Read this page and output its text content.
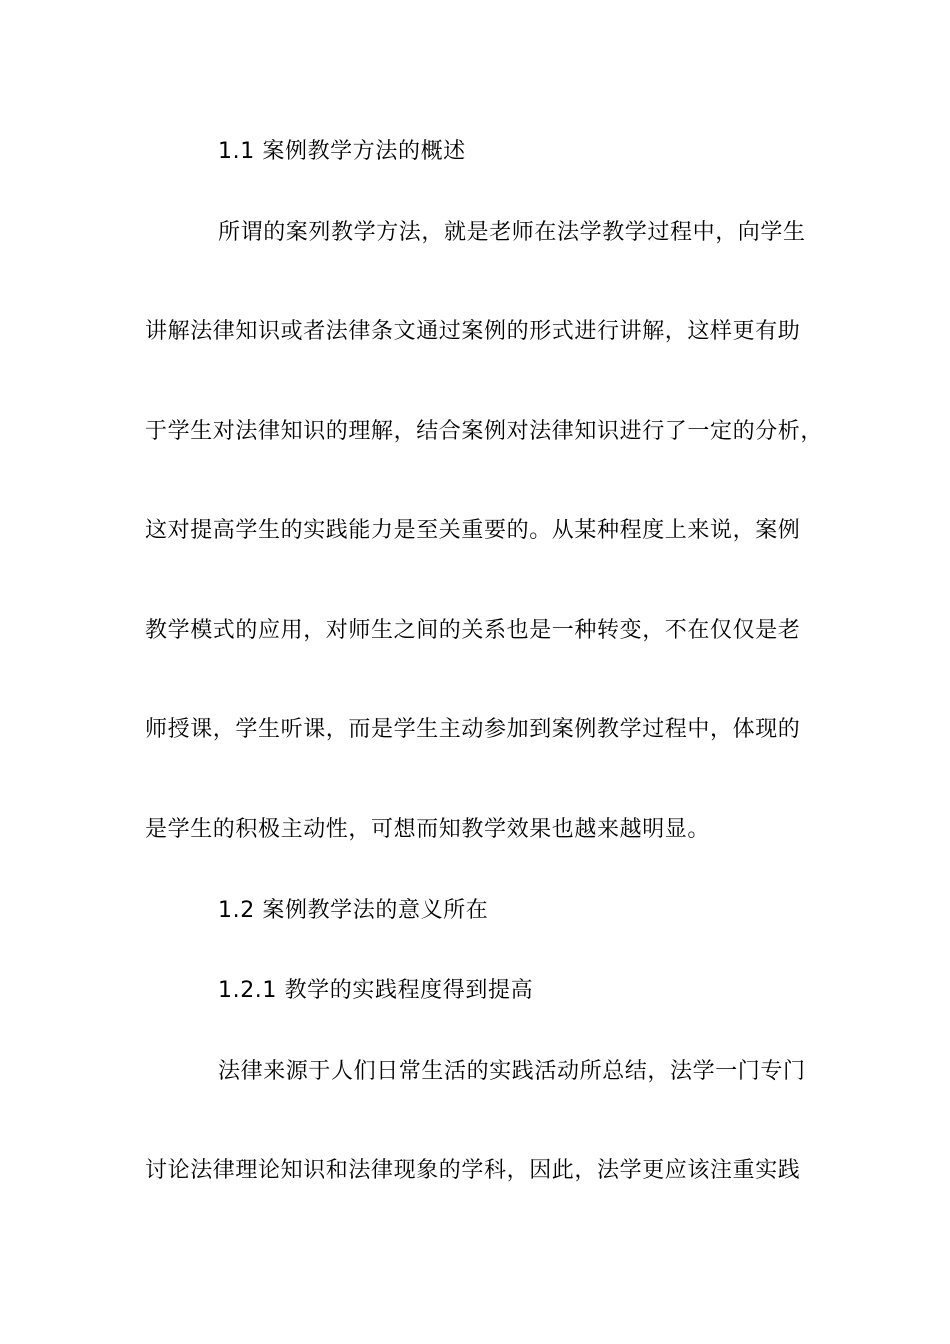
1.1 案例教学方法的概述
所谓的案列教学方法，就是老师在法学教学过程中，向学生
讲解法律知识或者法律条文通过案例的形式进行讲解，这样更有助
于学生对法律知识的理解，结合案例对法律知识进行了一定的分析，
这对提高学生的实践能力是至关重要的。从某种程度上来说，案例
教学模式的应用，对师生之间的关系也是一种转变，不在仅仅是老
师授课，学生听课，而是学生主动参加到案例教学过程中，体现的
是学生的积极主动性，可想而知教学效果也越来越明显。
1.2 案例教学法的意义所在
1.2.1 教学的实践程度得到提高
法律来源于人们日常生活的实践活动所总结，法学一门专门
讨论法律理论知识和法律现象的学科，因此，法学更应该注重实践
